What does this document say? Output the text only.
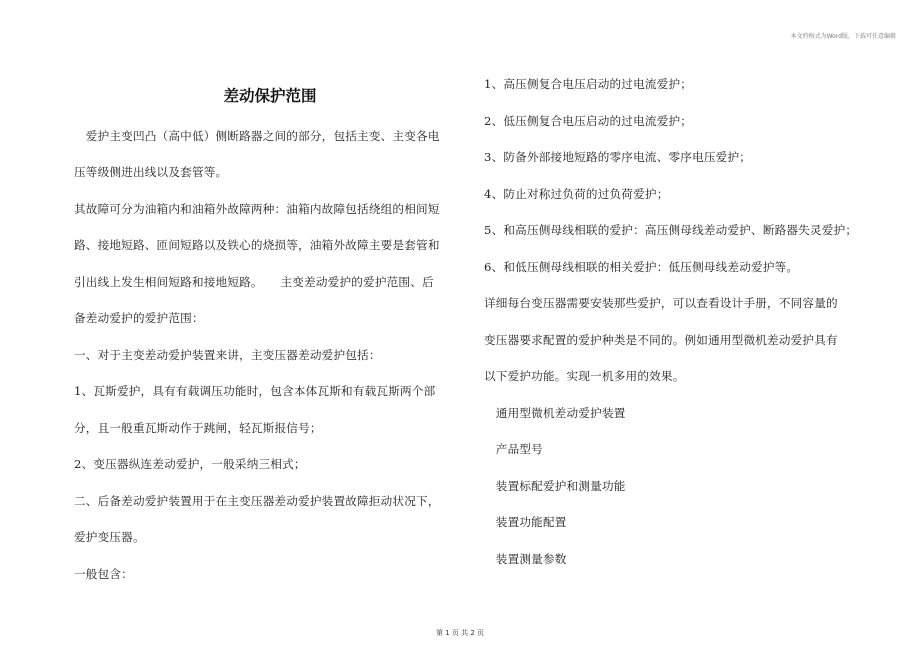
本文档格式为Word版，下载可任意编辑
差动保护范围
　爱护主变凹凸（高中低）侧断路器之间的部分，包括主变、主变各电
压等级侧进出线以及套管等。
其故障可分为油箱内和油箱外故障两种：油箱内故障包括绕组的相间短
路、接地短路、匝间短路以及铁心的烧损等，油箱外故障主要是套管和
引出线上发生相间短路和接地短路。　　主变差动爱护的爱护范围、后
备差动爱护的爱护范围：
一、对于主变差动爱护装置来讲，主变压器差动爱护包括：
1、瓦斯爱护，具有有载调压功能时，包含本体瓦斯和有载瓦斯两个部
分，且一般重瓦斯动作于跳闸，轻瓦斯报信号；
2、变压器纵连差动爱护，一般采纳三相式；
二、后备差动爱护装置用于在主变压器差动爱护装置故障拒动状况下，
爱护变压器。
一般包含：
1、高压侧复合电压启动的过电流爱护；
2、低压侧复合电压启动的过电流爱护；
3、防备外部接地短路的零序电流、零序电压爱护；
4、防止对称过负荷的过负荷爱护；
5、和高压侧母线相联的爱护：高压侧母线差动爱护、断路器失灵爱护；
6、和低压侧母线相联的相关爱护：低压侧母线差动爱护等。
详细每台变压器需要安装那些爱护，可以查看设计手册，不同容量的
变压器要求配置的爱护种类是不同的。例如通用型微机差动爱护具有
以下爱护功能。实现一机多用的效果。
　通用型微机差动爱护装置
　产品型号
　装置标配爱护和测量功能
　装置功能配置
　装置测量参数
第 1 页 共 2 页
